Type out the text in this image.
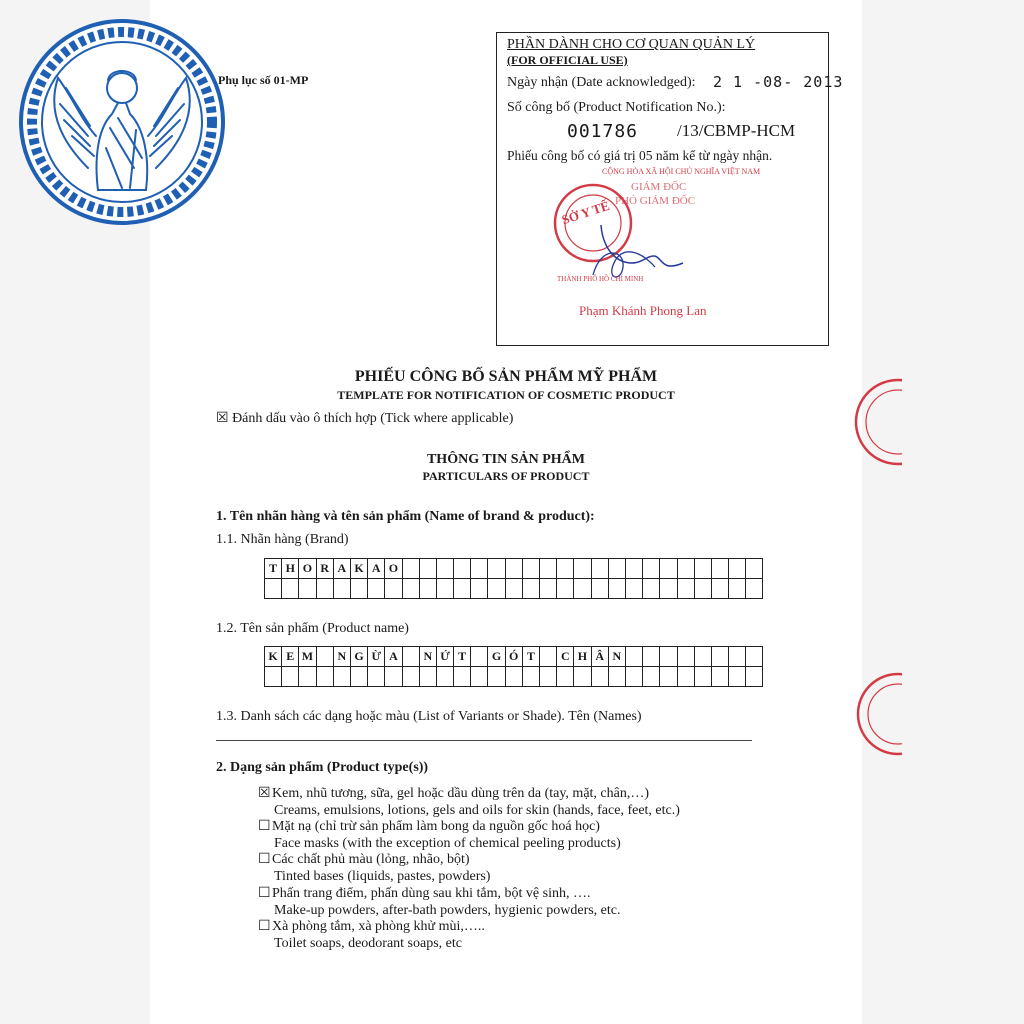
Phụ lục số 01-MP
PHẦN DÀNH CHO CƠ QUAN QUẢN LÝ
(FOR OFFICIAL USE)
Ngày nhận (Date acknowledged): 2 1 -08- 2013
Số công bố (Product Notification No.):
001786 /13/CBMP-HCM
Phiếu công bố có giá trị 05 năm kể từ ngày nhận.
SỞ Y TẾ
CỘNG HÒA XÃ HỘI CHỦ NGHĨA VIỆT NAM
THÀNH PHỐ HỒ CHÍ MINH
GIÁM ĐỐC
PHÓ GIÁM ĐỐC
Phạm Khánh Phong Lan
PHIẾU CÔNG BỐ SẢN PHẨM MỸ PHẨM
TEMPLATE FOR NOTIFICATION OF COSMETIC PRODUCT
☒ Đánh dấu vào ô thích hợp (Tick where applicable)
THÔNG TIN SẢN PHẨM
PARTICULARS OF PRODUCT
1. Tên nhãn hàng và tên sản phẩm (Name of brand & product):
1.1. Nhãn hàng (Brand)
T	H	O	R	A	K	A	O																					

1.2. Tên sản phẩm (Product name)
K	E	M		N	G	Ừ	A		N	Ứ	T		G	Ó	T		C	H	Â	N								

1.3. Danh sách các dạng hoặc màu (List of Variants or Shade). Tên (Names)
2. Dạng sản phẩm (Product type(s))
☒Kem, nhũ tương, sữa, gel hoặc dầu dùng trên da (tay, mặt, chân,…)
Creams, emulsions, lotions, gels and oils for skin (hands, face, feet, etc.)
☐Mặt nạ (chỉ trừ sản phẩm làm bong da nguồn gốc hoá học)
Face masks (with the exception of chemical peeling products)
☐Các chất phủ màu (lỏng, nhão, bột)
Tinted bases (liquids, pastes, powders)
☐Phấn trang điểm, phấn dùng sau khi tắm, bột vệ sinh, ….
Make-up powders, after-bath powders, hygienic powders, etc.
☐Xà phòng tắm, xà phòng khử mùi,…..
Toilet soaps, deodorant soaps, etc
